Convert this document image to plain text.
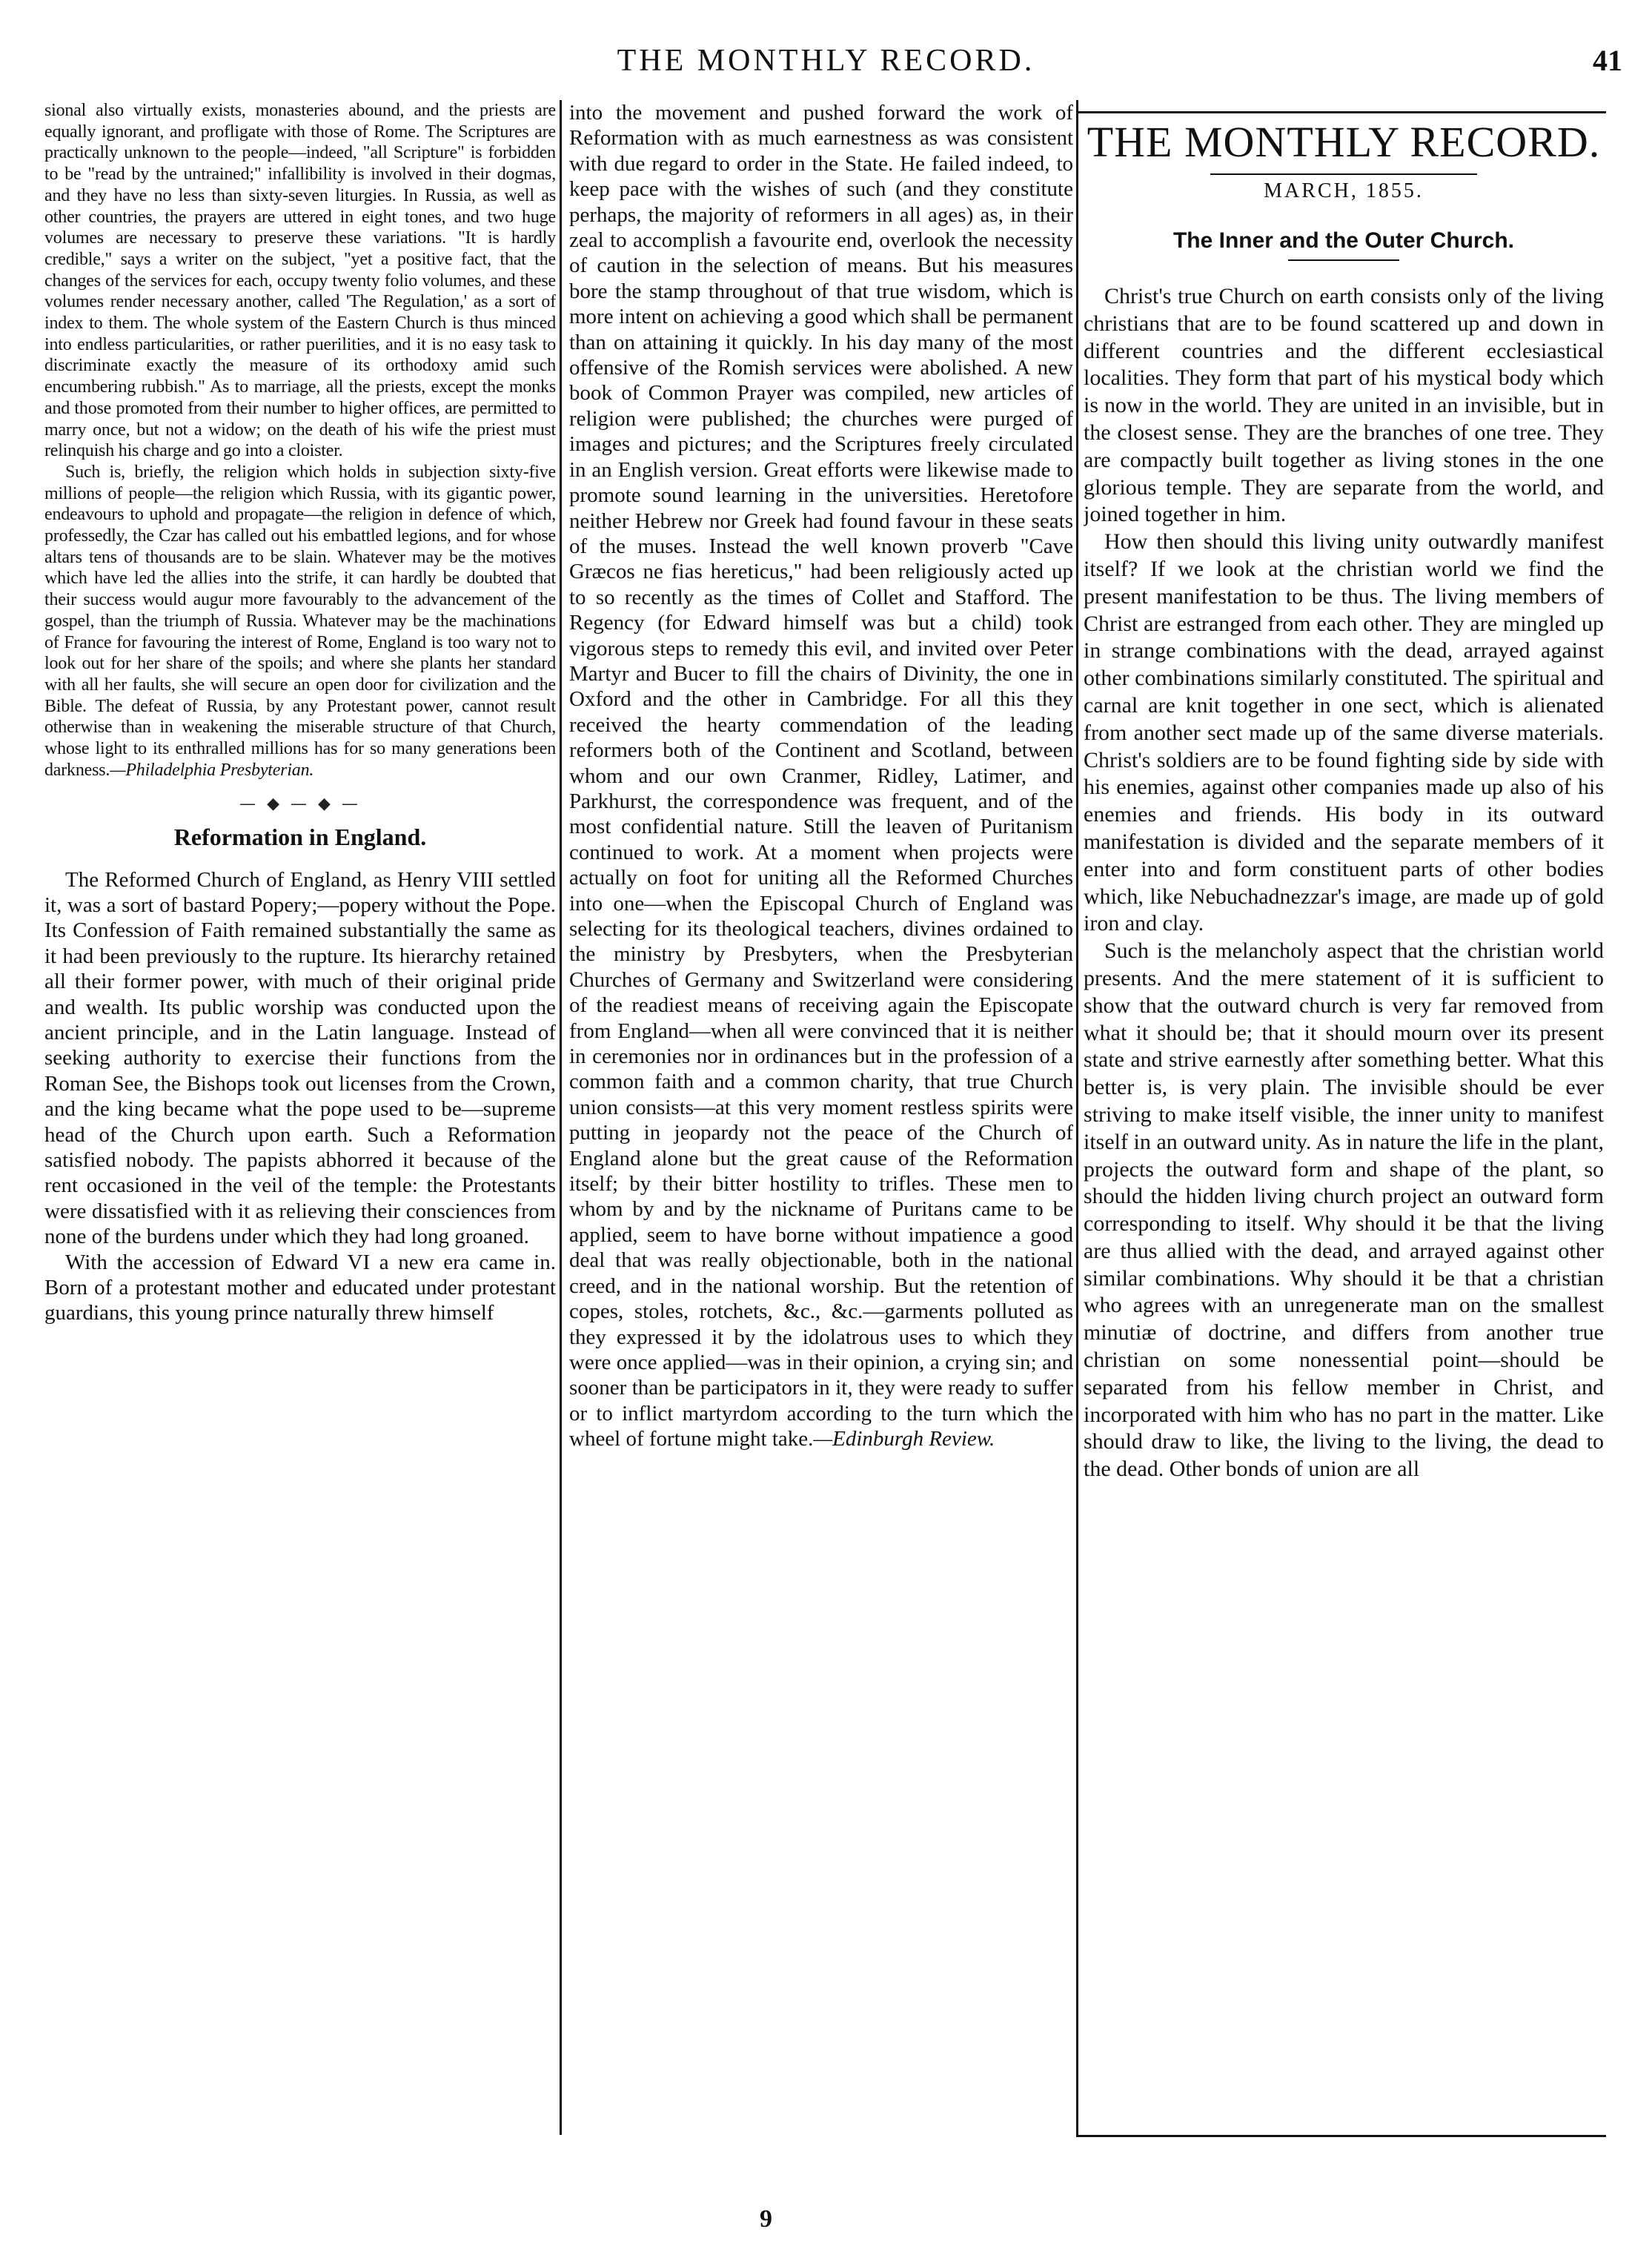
THE MONTHLY RECORD.	41

sional also virtually exists, monasteries abound, and the priests are equally ignorant, and profligate with those of Rome. The Scriptures are practically unknown to the people—indeed, "all Scripture" is forbidden to be "read by the untrained;" infallibility is involved in their dogmas, and they have no less than sixty-seven liturgies. In Russia, as well as other countries, the prayers are uttered in eight tones, and two huge volumes are necessary to preserve these variations. "It is hardly credible," says a writer on the subject, "yet a positive fact, that the changes of the services for each, occupy twenty folio volumes, and these volumes render necessary another, called 'The Regulation,' as a sort of index to them. The whole system of the Eastern Church is thus minced into endless particularities, or rather puerilities, and it is no easy task to discriminate exactly the measure of its orthodoxy amid such encumbering rubbish." As to marriage, all the priests, except the monks and those promoted from their number to higher offices, are permitted to marry once, but not a widow; on the death of his wife the priest must relinquish his charge and go into a cloister.

Such is, briefly, the religion which holds in subjection sixty-five millions of people—the religion which Russia, with its gigantic power, endeavours to uphold and propagate—the religion in defence of which, professedly, the Czar has called out his embattled legions, and for whose altars tens of thousands are to be slain. Whatever may be the motives which have led the allies into the strife, it can hardly be doubted that their success would augur more favourably to the advancement of the gospel, than the triumph of Russia. Whatever may be the machinations of France for favouring the interest of Rome, England is too wary not to look out for her share of the spoils; and where she plants her standard with all her faults, she will secure an open door for civilization and the Bible. The defeat of Russia, by any Protestant power, cannot result otherwise than in weakening the miserable structure of that Church, whose light to its enthralled millions has for so many generations been darkness.—Philadelphia Presbyterian.

— ◆ — ◆ —
Reformation in England.

The Reformed Church of England, as Henry VIII settled it, was a sort of bastard Popery;—popery without the Pope. Its Confession of Faith remained substantially the same as it had been previously to the rupture. Its hierarchy retained all their former power, with much of their original pride and wealth. Its public worship was conducted upon the ancient principle, and in the Latin language. Instead of seeking authority to exercise their functions from the Roman See, the Bishops took out licenses from the Crown, and the king became what the pope used to be—supreme head of the Church upon earth. Such a Reformation satisfied nobody. The papists abhorred it because of the rent occasioned in the veil of the temple: the Protestants were dissatisfied with it as relieving their consciences from none of the burdens under which they had long groaned.

With the accession of Edward VI a new era came in. Born of a protestant mother and educated under protestant guardians, this young prince naturally threw himself

into the movement and pushed forward the work of Reformation with as much earnestness as was consistent with due regard to order in the State. He failed indeed, to keep pace with the wishes of such (and they constitute perhaps, the majority of reformers in all ages) as, in their zeal to accomplish a favourite end, overlook the necessity of caution in the selection of means. But his measures bore the stamp throughout of that true wisdom, which is more intent on achieving a good which shall be permanent than on attaining it quickly. In his day many of the most offensive of the Romish services were abolished. A new book of Common Prayer was compiled, new articles of religion were published; the churches were purged of images and pictures; and the Scriptures freely circulated in an English version. Great efforts were likewise made to promote sound learning in the universities. Heretofore neither Hebrew nor Greek had found favour in these seats of the muses. Instead the well known proverb "Cave Græcos ne fias hereticus," had been religiously acted up to so recently as the times of Collet and Stafford. The Regency (for Edward himself was but a child) took vigorous steps to remedy this evil, and invited over Peter Martyr and Bucer to fill the chairs of Divinity, the one in Oxford and the other in Cambridge. For all this they received the hearty commendation of the leading reformers both of the Continent and Scotland, between whom and our own Cranmer, Ridley, Latimer, and Parkhurst, the correspondence was frequent, and of the most confidential nature. Still the leaven of Puritanism continued to work. At a moment when projects were actually on foot for uniting all the Reformed Churches into one—when the Episcopal Church of England was selecting for its theological teachers, divines ordained to the ministry by Presbyters, when the Presbyterian Churches of Germany and Switzerland were considering of the readiest means of receiving again the Episcopate from England—when all were convinced that it is neither in ceremonies nor in ordinances but in the profession of a common faith and a common charity, that true Church union consists—at this very moment restless spirits were putting in jeopardy not the peace of the Church of England alone but the great cause of the Reformation itself; by their bitter hostility to trifles. These men to whom by and by the nickname of Puritans came to be applied, seem to have borne without impatience a good deal that was really objectionable, both in the national creed, and in the national worship. But the retention of copes, stoles, rotchets, &c., &c.—garments polluted as they expressed it by the idolatrous uses to which they were once applied—was in their opinion, a crying sin; and sooner than be participators in it, they were ready to suffer or to inflict martyrdom according to the turn which the wheel of fortune might take.—Edinburgh Review.

THE MONTHLY RECORD.
MARCH, 1855.
The Inner and the Outer Church.

Christ's true Church on earth consists only of the living christians that are to be found scattered up and down in different countries and the different ecclesiastical localities. They form that part of his mystical body which is now in the world. They are united in an invisible, but in the closest sense. They are the branches of one tree. They are compactly built together as living stones in the one glorious temple. They are separate from the world, and joined together in him.

How then should this living unity outwardly manifest itself? If we look at the christian world we find the present manifestation to be thus. The living members of Christ are estranged from each other. They are mingled up in strange combinations with the dead, arrayed against other combinations similarly constituted. The spiritual and carnal are knit together in one sect, which is alienated from another sect made up of the same diverse materials. Christ's soldiers are to be found fighting side by side with his enemies, against other companies made up also of his enemies and friends. His body in its outward manifestation is divided and the separate members of it enter into and form constituent parts of other bodies which, like Nebuchadnezzar's image, are made up of gold iron and clay.

Such is the melancholy aspect that the christian world presents. And the mere statement of it is sufficient to show that the outward church is very far removed from what it should be; that it should mourn over its present state and strive earnestly after something better. What this better is, is very plain. The invisible should be ever striving to make itself visible, the inner unity to manifest itself in an outward unity. As in nature the life in the plant, projects the outward form and shape of the plant, so should the hidden living church project an outward form corresponding to itself. Why should it be that the living are thus allied with the dead, and arrayed against other similar combinations. Why should it be that a christian who agrees with an unregenerate man on the smallest minutiæ of doctrine, and differs from another true christian on some nonessential point—should be separated from his fellow member in Christ, and incorporated with him who has no part in the matter. Like should draw to like, the living to the living, the dead to the dead. Other bonds of union are all

9
